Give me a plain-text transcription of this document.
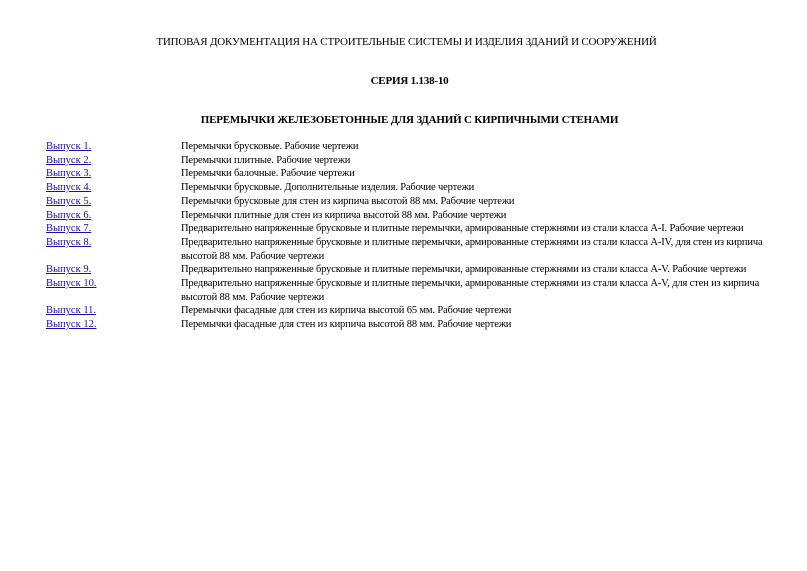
ТИПОВАЯ ДОКУМЕНТАЦИЯ НА СТРОИТЕЛЬНЫЕ СИСТЕМЫ И ИЗДЕЛИЯ ЗДАНИЙ И СООРУЖЕНИЙ
СЕРИЯ 1.138-10
ПЕРЕМЫЧКИ ЖЕЛЕЗОБЕТОННЫЕ ДЛЯ ЗДАНИЙ С КИРПИЧНЫМИ СТЕНАМИ
Выпуск 1.	Перемычки брусковые. Рабочие чертежи
Выпуск 2.	Перемычки плитные. Рабочие чертежи
Выпуск 3.	Перемычки балочные. Рабочие чертежи
Выпуск 4.	Перемычки брусковые. Дополнительные изделия. Рабочие чертежи
Выпуск 5.	Перемычки брусковые для стен из кирпича высотой 88 мм. Рабочие чертежи
Выпуск 6.	Перемычки плитные для стен из кирпича высотой 88 мм. Рабочие чертежи
Выпуск 7.	Предварительно напряженные брусковые и плитные перемычки, армированные стержнями из стали класса А-I. Рабочие чертежи
Выпуск 8.	Предварительно напряженные брусковые и плитные перемычки, армированные стержнями из стали класса А-IV, для стен из кирпича высотой 88 мм. Рабочие чертежи
Выпуск 9.	Предварительно напряженные брусковые и плитные перемычки, армированные стержнями из стали класса А-V. Рабочие чертежи
Выпуск 10.	Предварительно напряженные брусковые и плитные перемычки, армированные стержнями из стали класса А-V, для стен из кирпича высотой 88 мм. Рабочие чертежи
Выпуск 11.	Перемычки фасадные для стен из кирпича высотой 65 мм. Рабочие чертежи
Выпуск 12.	Перемычки фасадные для стен из кирпича высотой 88 мм. Рабочие чертежи
